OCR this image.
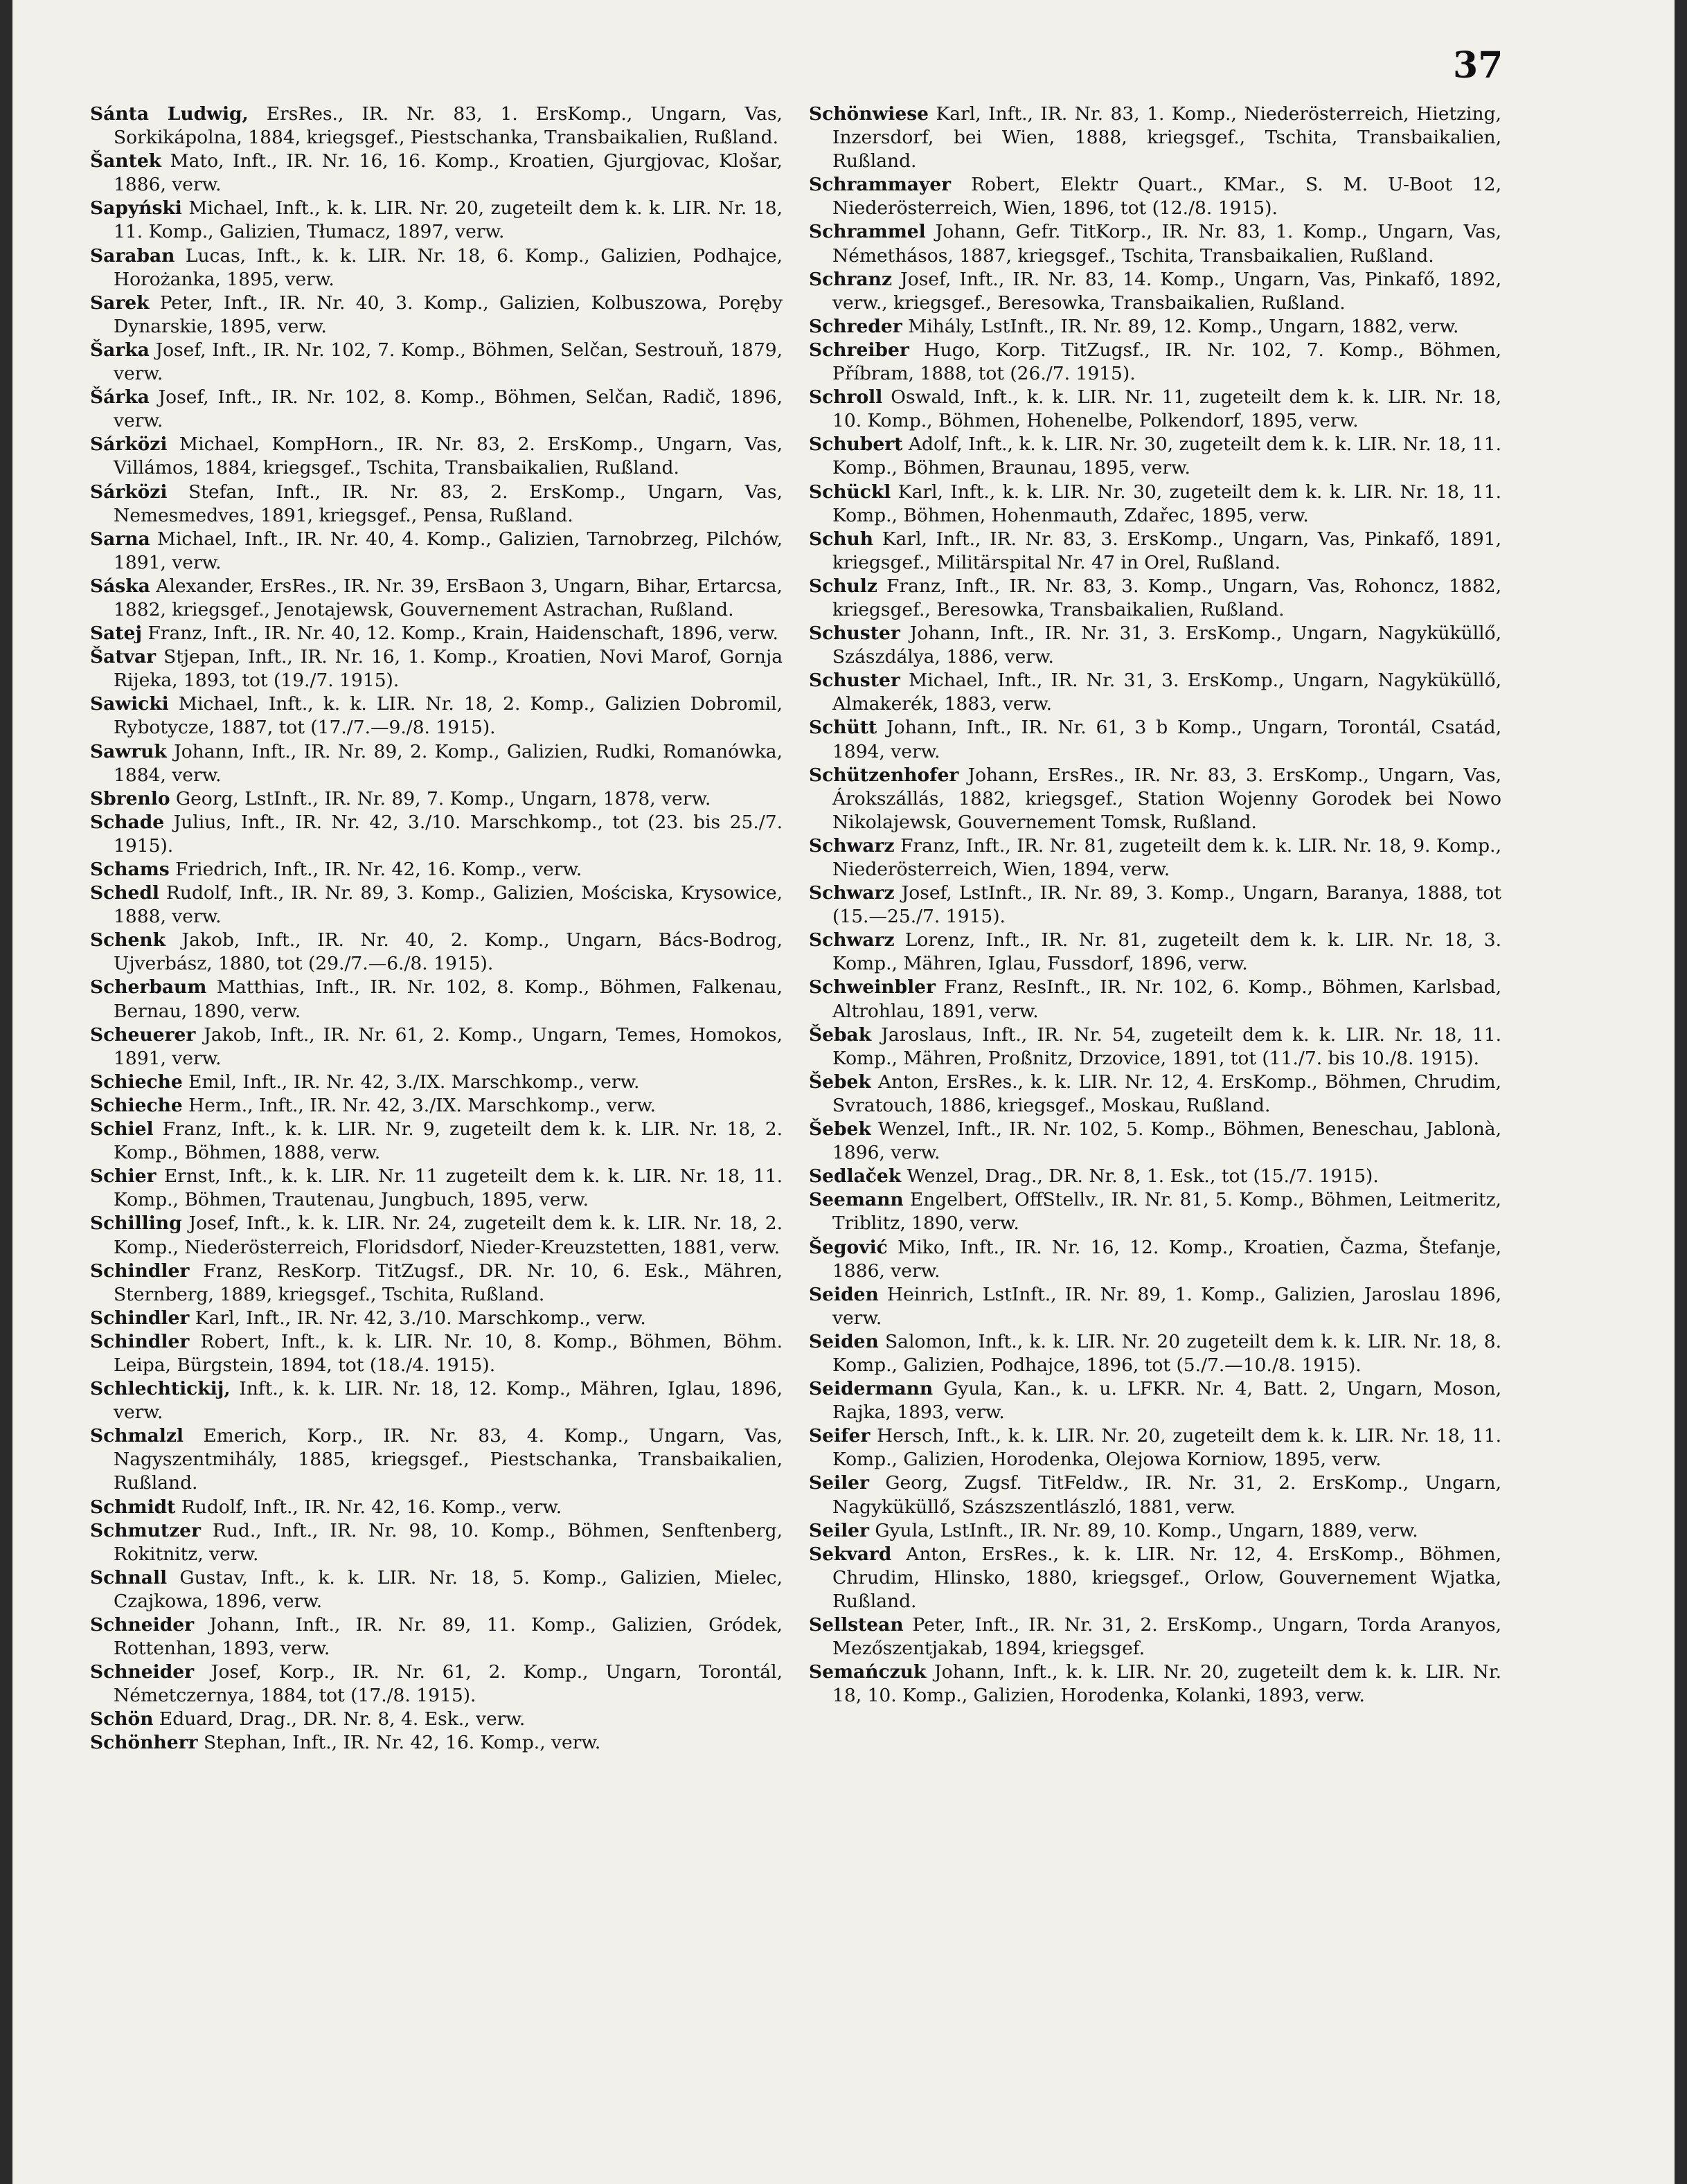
37

Sánta Ludwig, ErsRes., IR. Nr. 83, 1. ErsKomp., Ungarn, Vas, Sorkikápolna, 1884, kriegsgef., Piestschanka, Transbaikalien, Rußland.

Šantek Mato, Inft., IR. Nr. 16, 16. Komp., Kroatien, Gjurgjovac, Klošar, 1886, verw.

Sapyński Michael, Inft., k. k. LIR. Nr. 20, zugeteilt dem k. k. LIR. Nr. 18, 11. Komp., Galizien, Tłumacz, 1897, verw.

Saraban Lucas, Inft., k. k. LIR. Nr. 18, 6. Komp., Galizien, Podhajce, Horożanka, 1895, verw.

Sarek Peter, Inft., IR. Nr. 40, 3. Komp., Galizien, Kolbuszowa, Poręby Dynarskie, 1895, verw.

Šarka Josef, Inft., IR. Nr. 102, 7. Komp., Böhmen, Selčan, Sestrouň, 1879, verw.

Šárka Josef, Inft., IR. Nr. 102, 8. Komp., Böhmen, Selčan, Radič, 1896, verw.

Sárközi Michael, KompHorn., IR. Nr. 83, 2. ErsKomp., Ungarn, Vas, Villámos, 1884, kriegsgef., Tschita, Transbaikalien, Rußland.

Sárközi Stefan, Inft., IR. Nr. 83, 2. ErsKomp., Ungarn, Vas, Nemesmedves, 1891, kriegsgef., Pensa, Rußland.

Sarna Michael, Inft., IR. Nr. 40, 4. Komp., Galizien, Tarnobrzeg, Pilchów, 1891, verw.

Sáska Alexander, ErsRes., IR. Nr. 39, ErsBaon 3, Ungarn, Bihar, Ertarcsa, 1882, kriegsgef., Jenotajewsk, Gouvernement Astrachan, Rußland.

Satej Franz, Inft., IR. Nr. 40, 12. Komp., Krain, Haidenschaft, 1896, verw.

Šatvar Stjepan, Inft., IR. Nr. 16, 1. Komp., Kroatien, Novi Marof, Gornja Rijeka, 1893, tot (19./7. 1915).

Sawicki Michael, Inft., k. k. LIR. Nr. 18, 2. Komp., Galizien Dobromil, Rybotycze, 1887, tot (17./7.—9./8. 1915).

Sawruk Johann, Inft., IR. Nr. 89, 2. Komp., Galizien, Rudki, Romanówka, 1884, verw.

Sbrenlo Georg, LstInft., IR. Nr. 89, 7. Komp., Ungarn, 1878, verw.

Schade Julius, Inft., IR. Nr. 42, 3./10. Marschkomp., tot (23. bis 25./7. 1915).

Schams Friedrich, Inft., IR. Nr. 42, 16. Komp., verw.

Schedl Rudolf, Inft., IR. Nr. 89, 3. Komp., Galizien, Mościska, Krysowice, 1888, verw.

Schenk Jakob, Inft., IR. Nr. 40, 2. Komp., Ungarn, Bács-Bodrog, Ujverbász, 1880, tot (29./7.—6./8. 1915).

Scherbaum Matthias, Inft., IR. Nr. 102, 8. Komp., Böhmen, Falkenau, Bernau, 1890, verw.

Scheuerer Jakob, Inft., IR. Nr. 61, 2. Komp., Ungarn, Temes, Homokos, 1891, verw.

Schieche Emil, Inft., IR. Nr. 42, 3./IX. Marschkomp., verw.

Schieche Herm., Inft., IR. Nr. 42, 3./IX. Marschkomp., verw.

Schiel Franz, Inft., k. k. LIR. Nr. 9, zugeteilt dem k. k. LIR. Nr. 18, 2. Komp., Böhmen, 1888, verw.

Schier Ernst, Inft., k. k. LIR. Nr. 11 zugeteilt dem k. k. LIR. Nr. 18, 11. Komp., Böhmen, Trautenau, Jungbuch, 1895, verw.

Schilling Josef, Inft., k. k. LIR. Nr. 24, zugeteilt dem k. k. LIR. Nr. 18, 2. Komp., Niederösterreich, Floridsdorf, Nieder-Kreuzstetten, 1881, verw.

Schindler Franz, ResKorp. TitZugsf., DR. Nr. 10, 6. Esk., Mähren, Sternberg, 1889, kriegsgef., Tschita, Rußland.

Schindler Karl, Inft., IR. Nr. 42, 3./10. Marschkomp., verw.

Schindler Robert, Inft., k. k. LIR. Nr. 10, 8. Komp., Böhmen, Böhm. Leipa, Bürgstein, 1894, tot (18./4. 1915).

Schlechtickij, Inft., k. k. LIR. Nr. 18, 12. Komp., Mähren, Iglau, 1896, verw.

Schmalzl Emerich, Korp., IR. Nr. 83, 4. Komp., Ungarn, Vas, Nagyszentmihály, 1885, kriegsgef., Piestschanka, Transbaikalien, Rußland.

Schmidt Rudolf, Inft., IR. Nr. 42, 16. Komp., verw.

Schmutzer Rud., Inft., IR. Nr. 98, 10. Komp., Böhmen, Senftenberg, Rokitnitz, verw.

Schnall Gustav, Inft., k. k. LIR. Nr. 18, 5. Komp., Galizien, Mielec, Czajkowa, 1896, verw.

Schneider Johann, Inft., IR. Nr. 89, 11. Komp., Galizien, Gródek, Rottenhan, 1893, verw.

Schneider Josef, Korp., IR. Nr. 61, 2. Komp., Ungarn, Torontál, Németczernya, 1884, tot (17./8. 1915).

Schön Eduard, Drag., DR. Nr. 8, 4. Esk., verw.

Schönherr Stephan, Inft., IR. Nr. 42, 16. Komp., verw.

Schönwiese Karl, Inft., IR. Nr. 83, 1. Komp., Niederösterreich, Hietzing, Inzersdorf, bei Wien, 1888, kriegsgef., Tschita, Transbaikalien, Rußland.

Schrammayer Robert, Elektr Quart., KMar., S. M. U-Boot 12, Niederösterreich, Wien, 1896, tot (12./8. 1915).

Schrammel Johann, Gefr. TitKorp., IR. Nr. 83, 1. Komp., Ungarn, Vas, Némethásos, 1887, kriegsgef., Tschita, Transbaikalien, Rußland.

Schranz Josef, Inft., IR. Nr. 83, 14. Komp., Ungarn, Vas, Pinkafő, 1892, verw., kriegsgef., Beresowka, Transbaikalien, Rußland.

Schreder Mihály, LstInft., IR. Nr. 89, 12. Komp., Ungarn, 1882, verw.

Schreiber Hugo, Korp. TitZugsf., IR. Nr. 102, 7. Komp., Böhmen, Příbram, 1888, tot (26./7. 1915).

Schroll Oswald, Inft., k. k. LIR. Nr. 11, zugeteilt dem k. k. LIR. Nr. 18, 10. Komp., Böhmen, Hohenelbe, Polkendorf, 1895, verw.

Schubert Adolf, Inft., k. k. LIR. Nr. 30, zugeteilt dem k. k. LIR. Nr. 18, 11. Komp., Böhmen, Braunau, 1895, verw.

Schückl Karl, Inft., k. k. LIR. Nr. 30, zugeteilt dem k. k. LIR. Nr. 18, 11. Komp., Böhmen, Hohenmauth, Zdařec, 1895, verw.

Schuh Karl, Inft., IR. Nr. 83, 3. ErsKomp., Ungarn, Vas, Pinkafő, 1891, kriegsgef., Militärspital Nr. 47 in Orel, Rußland.

Schulz Franz, Inft., IR. Nr. 83, 3. Komp., Ungarn, Vas, Rohoncz, 1882, kriegsgef., Beresowka, Transbaikalien, Rußland.

Schuster Johann, Inft., IR. Nr. 31, 3. ErsKomp., Ungarn, Nagyküküllő, Szászdálya, 1886, verw.

Schuster Michael, Inft., IR. Nr. 31, 3. ErsKomp., Ungarn, Nagyküküllő, Almakerék, 1883, verw.

Schütt Johann, Inft., IR. Nr. 61, 3 b Komp., Ungarn, Torontál, Csatád, 1894, verw.

Schützenhofer Johann, ErsRes., IR. Nr. 83, 3. ErsKomp., Ungarn, Vas, Árokszállás, 1882, kriegsgef., Station Wojenny Gorodek bei Nowo Nikolajewsk, Gouvernement Tomsk, Rußland.

Schwarz Franz, Inft., IR. Nr. 81, zugeteilt dem k. k. LIR. Nr. 18, 9. Komp., Niederösterreich, Wien, 1894, verw.

Schwarz Josef, LstInft., IR. Nr. 89, 3. Komp., Ungarn, Baranya, 1888, tot (15.—25./7. 1915).

Schwarz Lorenz, Inft., IR. Nr. 81, zugeteilt dem k. k. LIR. Nr. 18, 3. Komp., Mähren, Iglau, Fussdorf, 1896, verw.

Schweinbler Franz, ResInft., IR. Nr. 102, 6. Komp., Böhmen, Karlsbad, Altrohlau, 1891, verw.

Šebak Jaroslaus, Inft., IR. Nr. 54, zugeteilt dem k. k. LIR. Nr. 18, 11. Komp., Mähren, Proßnitz, Drzovice, 1891, tot (11./7. bis 10./8. 1915).

Šebek Anton, ErsRes., k. k. LIR. Nr. 12, 4. ErsKomp., Böhmen, Chrudim, Svratouch, 1886, kriegsgef., Moskau, Rußland.

Šebek Wenzel, Inft., IR. Nr. 102, 5. Komp., Böhmen, Beneschau, Jablonà, 1896, verw.

Sedlaček Wenzel, Drag., DR. Nr. 8, 1. Esk., tot (15./7. 1915).

Seemann Engelbert, OffStellv., IR. Nr. 81, 5. Komp., Böhmen, Leitmeritz, Triblitz, 1890, verw.

Šegović Miko, Inft., IR. Nr. 16, 12. Komp., Kroatien, Čazma, Štefanje, 1886, verw.

Seiden Heinrich, LstInft., IR. Nr. 89, 1. Komp., Galizien, Jaroslau 1896, verw.

Seiden Salomon, Inft., k. k. LIR. Nr. 20 zugeteilt dem k. k. LIR. Nr. 18, 8. Komp., Galizien, Podhajce, 1896, tot (5./7.—10./8. 1915).

Seidermann Gyula, Kan., k. u. LFKR. Nr. 4, Batt. 2, Ungarn, Moson, Rajka, 1893, verw.

Seifer Hersch, Inft., k. k. LIR. Nr. 20, zugeteilt dem k. k. LIR. Nr. 18, 11. Komp., Galizien, Horodenka, Olejowa Korniow, 1895, verw.

Seiler Georg, Zugsf. TitFeldw., IR. Nr. 31, 2. ErsKomp., Ungarn, Nagyküküllő, Szászszentlászló, 1881, verw.

Seiler Gyula, LstInft., IR. Nr. 89, 10. Komp., Ungarn, 1889, verw.

Sekvard Anton, ErsRes., k. k. LIR. Nr. 12, 4. ErsKomp., Böhmen, Chrudim, Hlinsko, 1880, kriegsgef., Orlow, Gouvernement Wjatka, Rußland.

Sellstean Peter, Inft., IR. Nr. 31, 2. ErsKomp., Ungarn, Torda Aranyos, Mezőszentjakab, 1894, kriegsgef.

Semańczuk Johann, Inft., k. k. LIR. Nr. 20, zugeteilt dem k. k. LIR. Nr. 18, 10. Komp., Galizien, Horodenka, Kolanki, 1893, verw.
